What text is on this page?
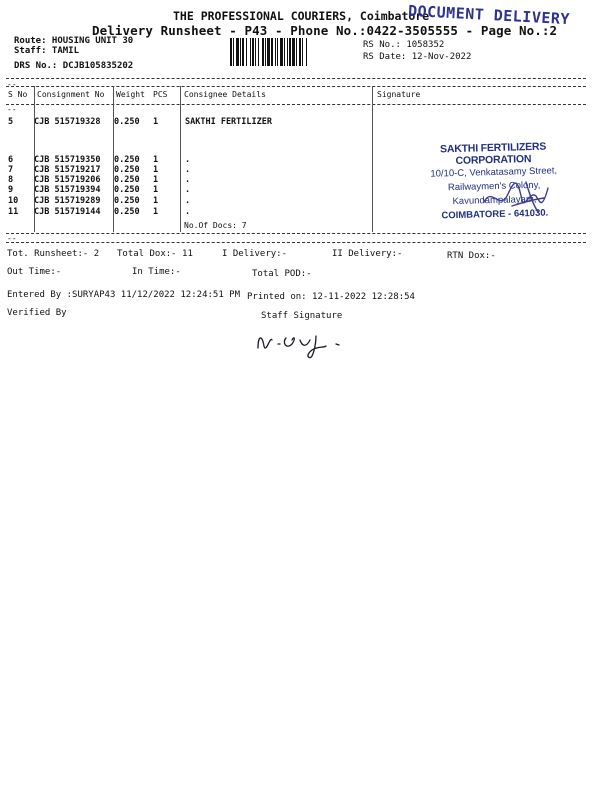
THE PROFESSIONAL COURIERS, Coimbatore
Delivery Runsheet - P43 - Phone No.:0422-3505555 - Page No.:2
DOCUMENT DELIVERY
Route: HOUSING UNIT 30
Staff: TAMIL
DRS No.: DCJB105835202
RS No.: 1058352
RS Date: 12-Nov-2022
--
S No Consignment No Weight PCS Consignee Details	Signature
--
5 CJB 515719328 0.250 1	SAKTHI FERTILIZER
6 CJB 515719350 0.250 1	.
7 CJB 515719217 0.250 1	.
8 CJB 515719206 0.250 1	.
9 CJB 515719394 0.250 1	.
10 CJB 515719289 0.250 1	.
11 CJB 515719144 0.250 1	.
No.Of Docs: 7
--
SAKTHI FERTILIZERS CORPORATION
10/10-C, Venkatasamy Street,
Railwaymen's Colony, Kavundampalayam,
COIMBATORE - 641030.
Tot. Runsheet:- 2 Total Dox:- 11	I Delivery:-	II Delivery:-	RTN Dox:-
Out Time:-	In Time:-	Total POD:-
Entered By :SURYAP43 11/12/2022 12:24:51 PM Printed on: 12-11-2022 12:28:54
Verified By	Staff Signature
